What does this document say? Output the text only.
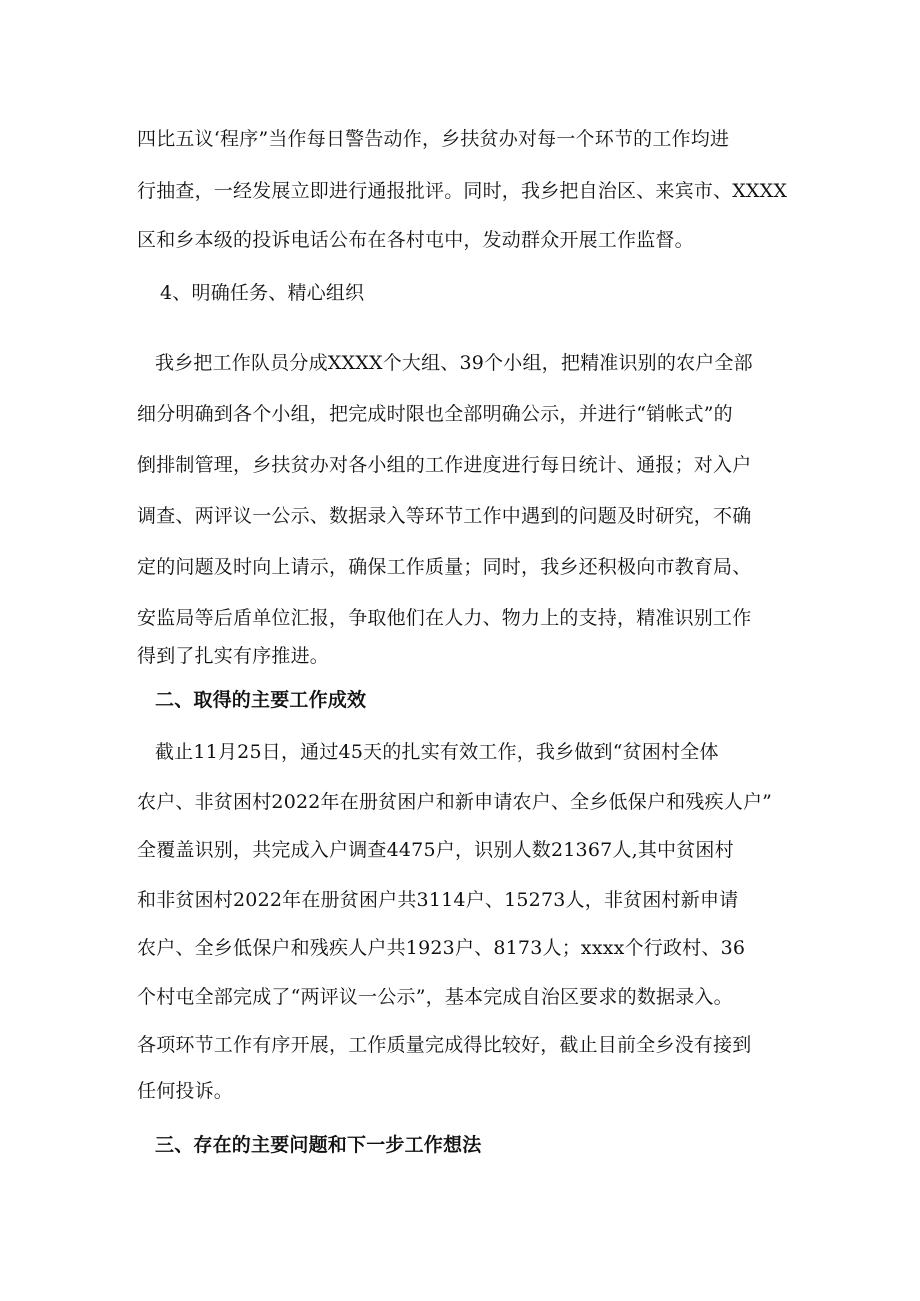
四比五议‘程序”当作每日警告动作，乡扶贫办对每一个环节的工作均进
行抽查，一经发展立即进行通报批评。同时，我乡把自治区、来宾市、XXXX
区和乡本级的投诉电话公布在各村屯中，发动群众开展工作监督。
4、明确任务、精心组织
我乡把工作队员分成XXXX个大组、39个小组，把精准识别的农户全部
细分明确到各个小组，把完成时限也全部明确公示，并进行“销帐式”的
倒排制管理，乡扶贫办对各小组的工作进度进行每日统计、通报；对入户
调查、两评议一公示、数据录入等环节工作中遇到的问题及时研究，不确
定的问题及时向上请示，确保工作质量；同时，我乡还积极向市教育局、
安监局等后盾单位汇报，争取他们在人力、物力上的支持，精准识别工作
得到了扎实有序推进。
二、取得的主要工作成效
截止11月25日，通过45天的扎实有效工作，我乡做到“贫困村全体
农户、非贫困村2022年在册贫困户和新申请农户、全乡低保户和残疾人户”
全覆盖识别，共完成入户调查4475户，识别人数21367人,其中贫困村
和非贫困村2022年在册贫困户共3114户、15273人，非贫困村新申请
农户、全乡低保户和残疾人户共1923户、8173人；xxxx个行政村、36
个村屯全部完成了“两评议一公示”，基本完成自治区要求的数据录入。
各项环节工作有序开展，工作质量完成得比较好，截止目前全乡没有接到
任何投诉。
三、存在的主要问题和下一步工作想法
